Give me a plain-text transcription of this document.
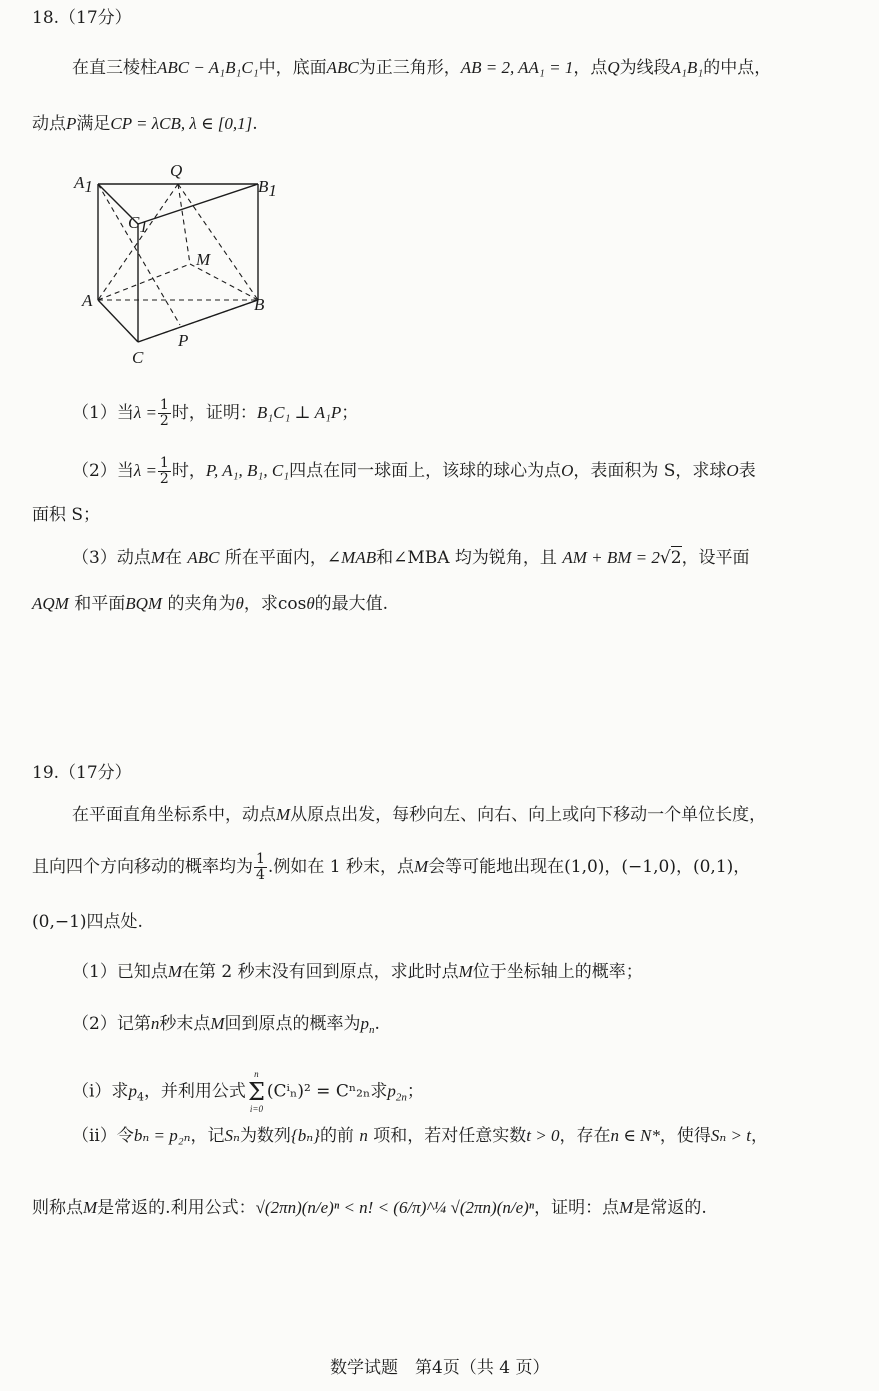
18.（17分）
在直三棱柱ABC − A₁B₁C₁中，底面ABC为正三角形，AB = 2, AA₁ = 1，点Q为线段A₁B₁的中点，
动点P满足CP = λCB, λ ∈ [0,1].
A1
Q
B1
C1
M
A	B
P
C
（1）当$\lambda = \frac{1}{2}$ 时，证明：B₁C₁ ⊥ A₁P；
（2）当$\lambda = \frac{1}{2}$ 时，P, A₁, B₁, C₁四点在同一球面上，该球的球心为点O，表面积为 S，求球O表
面积 S；
（3）动点M在 ABC 所在平面内，∠MAB和∠MBA 均为锐角，且 AM + BM = 2√2，设平面
AQM 和平面BQM 的夹角为θ，求cosθ的最大值.
19.（17分）
在平面直角坐标系中，动点M从原点出发，每秒向左、向右、向上或向下移动一个单位长度，
且向四个方向移动的概率均为 $\frac{1}{4}$ .例如在 1 秒末，点M会等可能地出现在(1,0)，(−1,0)，(0,1)，
(0,−1)四点处.
（1）已知点M在第 2 秒末没有回到原点，求此时点M位于坐标轴上的概率；
（2）记第n秒末点M回到原点的概率为$p_n$.
（i）求$p_4$，并利用公式n
Σ
i=0(Cⁱₙ)² = Cⁿ₂ₙ求$p_{2n}$；
（ii）令bₙ = p₂ₙ，记Sₙ为数列{bₙ}的前 n 项和，若对任意实数t > 0，存在n ∈ N*，使得Sₙ > t，
则称点M是常返的.利用公式：√(2πn)(n/e)ⁿ < n! < (6/π)^¼ √(2πn)(n/e)ⁿ，证明：点M是常返的.
数学试题　第4页（共 4 页）
